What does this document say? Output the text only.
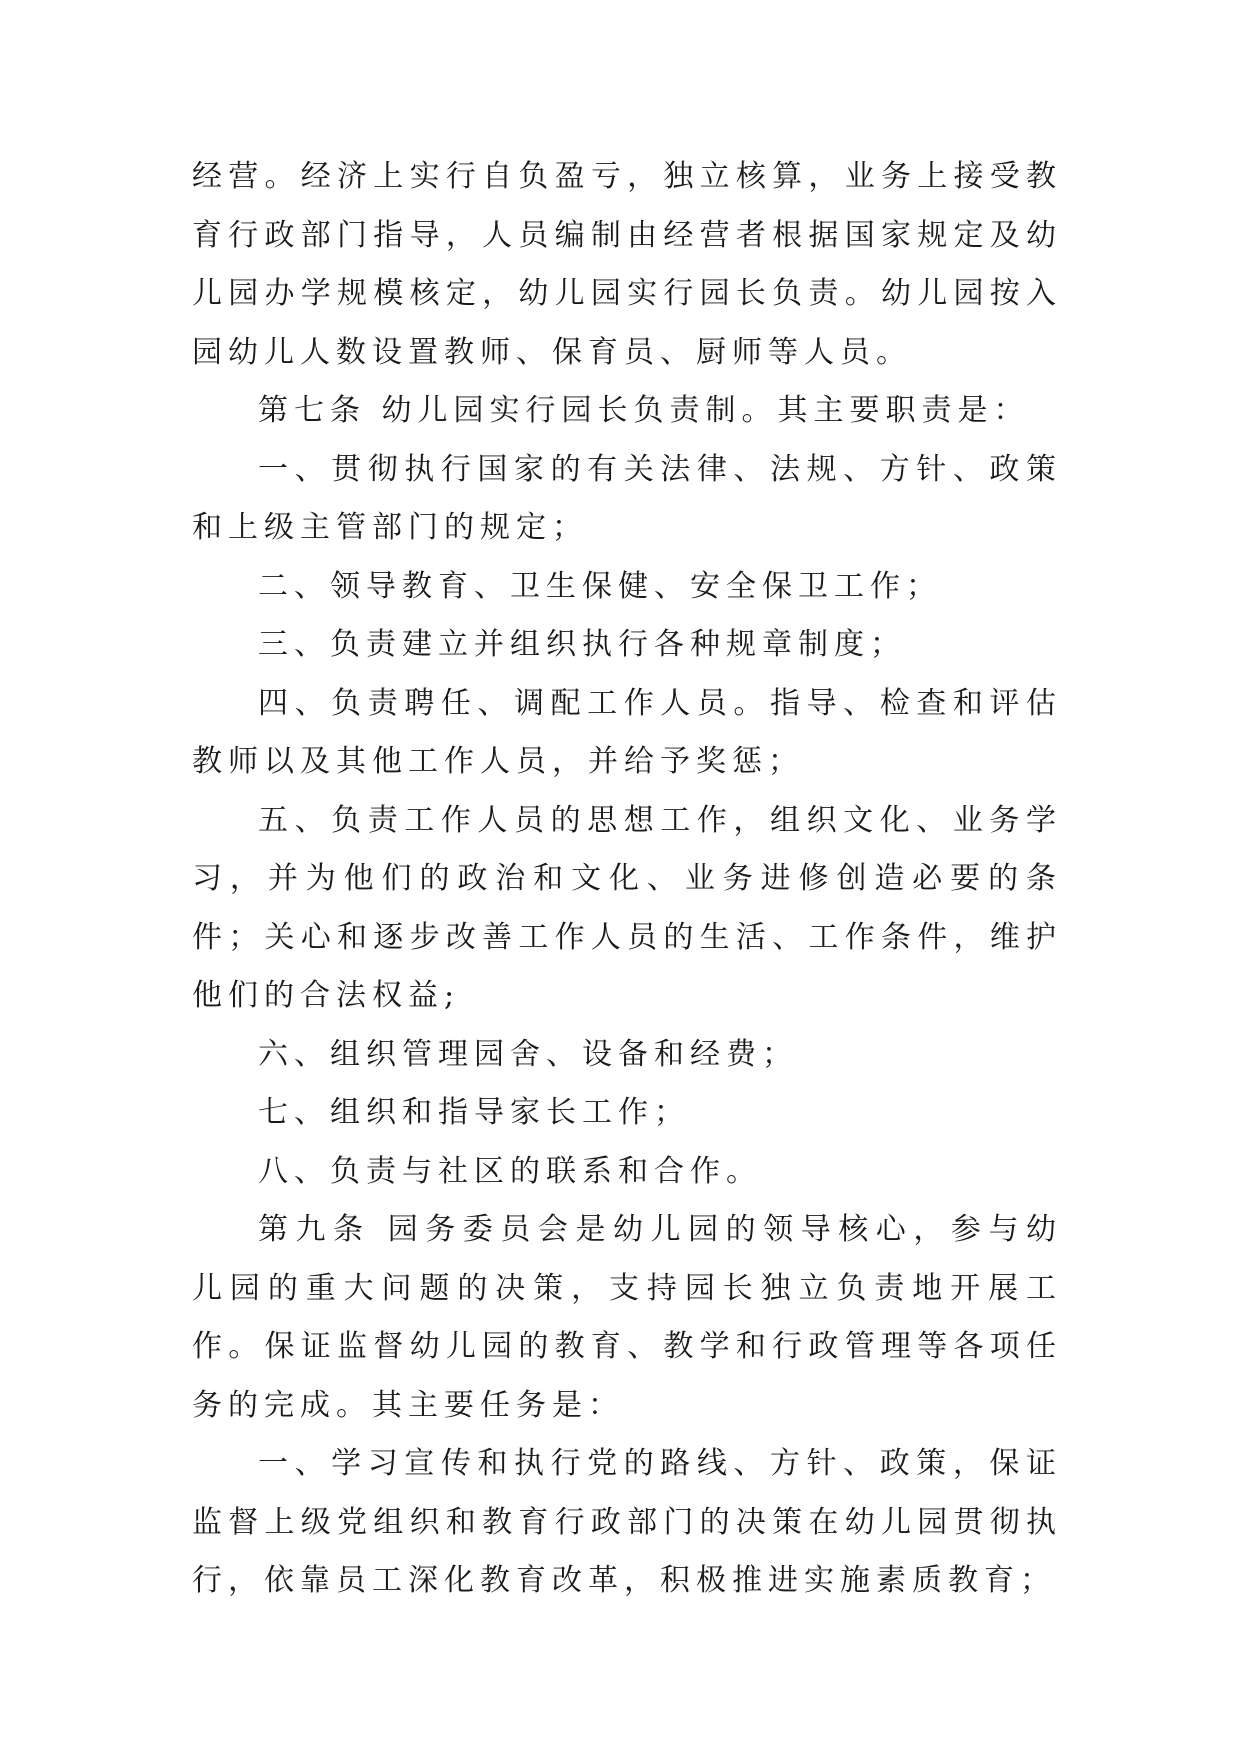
经营。经济上实行自负盈亏，独立核算，业务上接受教育行政部门指导，人员编制由经营者根据国家规定及幼儿园办学规模核定，幼儿园实行园长负责。幼儿园按入园幼儿人数设置教师、保育员、厨师等人员。

第七条 幼儿园实行园长负责制。其主要职责是：

一、贯彻执行国家的有关法律、法规、方针、政策和上级主管部门的规定；

二、领导教育、卫生保健、安全保卫工作；

三、负责建立并组织执行各种规章制度；

四、负责聘任、调配工作人员。指导、检查和评估教师以及其他工作人员，并给予奖惩；

五、负责工作人员的思想工作，组织文化、业务学习，并为他们的政治和文化、业务进修创造必要的条件；关心和逐步改善工作人员的生活、工作条件，维护他们的合法权益;

六、组织管理园舍、设备和经费；

七、组织和指导家长工作；

八、负责与社区的联系和合作。

第九条 园务委员会是幼儿园的领导核心，参与幼儿园的重大问题的决策，支持园长独立负责地开展工作。保证监督幼儿园的教育、教学和行政管理等各项任务的完成。其主要任务是：

一、学习宣传和执行党的路线、方针、政策，保证监督上级党组织和教育行政部门的决策在幼儿园贯彻执行，依靠员工深化教育改革，积极推进实施素质教育；
